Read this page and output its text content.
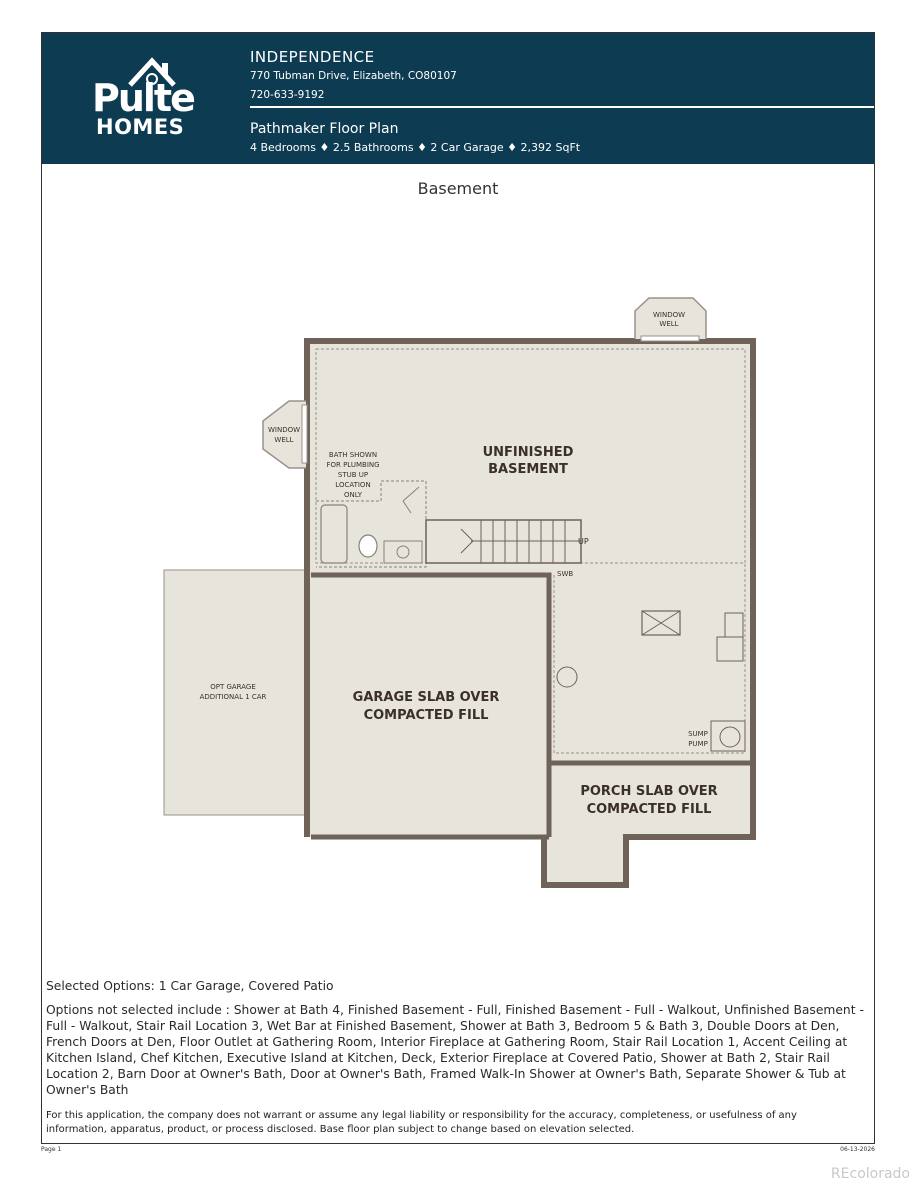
Pulte
HOMES
INDEPENDENCE
770 Tubman Drive, Elizabeth, CO80107
720-633-9192
Pathmaker Floor Plan
4 Bedrooms ♦ 2.5 Bathrooms ♦ 2 Car Garage ♦ 2,392 SqFt
Basement
WINDOW
WELL
WINDOW
WELL
UNFINISHED
BASEMENT
BATH SHOWN
FOR PLUMBING
STUB UP
LOCATION
ONLY
UP
SWB
OPT GARAGE
ADDITIONAL 1 CAR	GARAGE SLAB OVER
COMPACTED FILL
SUMP
PUMP
PORCH SLAB OVER
COMPACTED FILL
Selected Options: 1 Car Garage, Covered Patio
Options not selected include : Shower at Bath 4, Finished Basement - Full, Finished Basement - Full - Walkout, Unfinished Basement - Full - Walkout, Stair Rail Location 3, Wet Bar at Finished Basement, Shower at Bath 3, Bedroom 5 & Bath 3, Double Doors at Den, French Doors at Den, Floor Outlet at Gathering Room, Interior Fireplace at Gathering Room, Stair Rail Location 1, Accent Ceiling at Kitchen Island, Chef Kitchen, Executive Island at Kitchen, Deck, Exterior Fireplace at Covered Patio, Shower at Bath 2, Stair Rail Location 2, Barn Door at Owner's Bath, Door at Owner's Bath, Framed Walk-In Shower at Owner's Bath, Separate Shower & Tub at Owner's Bath
For this application, the company does not warrant or assume any legal liability or responsibility for the accuracy, completeness, or usefulness of any information, apparatus, product, or process disclosed. Base floor plan subject to change based on elevation selected.
Page 1	06-13-2026
REcolorado
